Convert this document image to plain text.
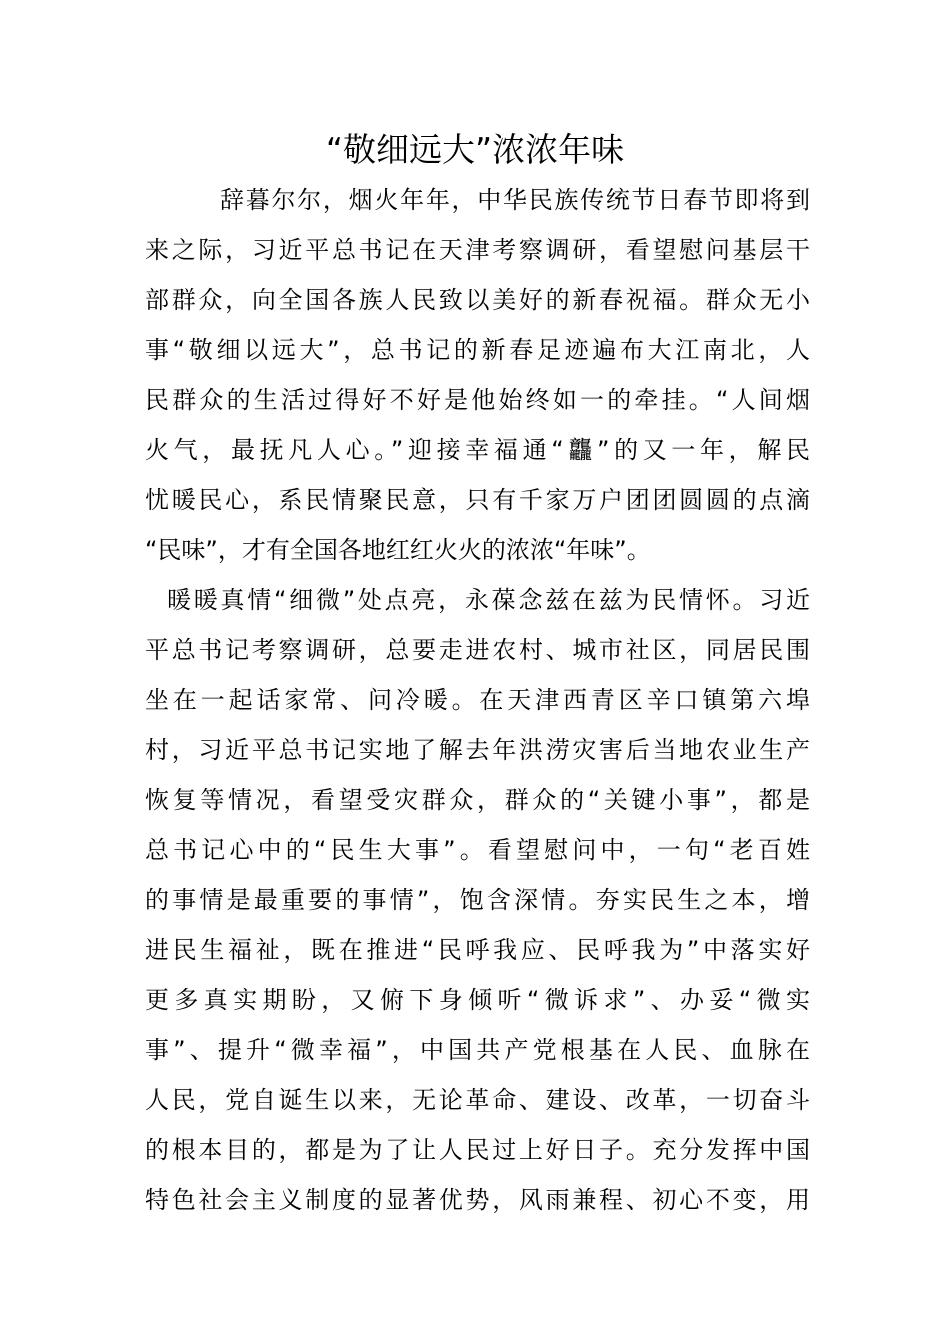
“敬细远大”浓浓年味
辞暮尔尔，烟火年年，中华民族传统节日春节即将到
来之际，习近平总书记在天津考察调研，看望慰问基层干
部群众，向全国各族人民致以美好的新春祝福。群众无小
事“敬细以远大”，总书记的新春足迹遍布大江南北，人
民群众的生活过得好不好是他始终如一的牵挂。“人间烟
火气，最抚凡人心。”迎接幸福通“龘”的又一年，解民
忧暖民心，系民情聚民意，只有千家万户团团圆圆的点滴
“民味”，才有全国各地红红火火的浓浓“年味”。
暖暖真情“细微”处点亮，永葆念兹在兹为民情怀。习近
平总书记考察调研，总要走进农村、城市社区，同居民围
坐在一起话家常、问冷暖。在天津西青区辛口镇第六埠
村，习近平总书记实地了解去年洪涝灾害后当地农业生产
恢复等情况，看望受灾群众，群众的“关键小事”，都是
总书记心中的“民生大事”。看望慰问中，一句“老百姓
的事情是最重要的事情”，饱含深情。夯实民生之本，增
进民生福祉，既在推进“民呼我应、民呼我为”中落实好
更多真实期盼，又俯下身倾听“微诉求”、办妥“微实
事”、提升“微幸福”，中国共产党根基在人民、血脉在
人民，党自诞生以来，无论革命、建设、改革，一切奋斗
的根本目的，都是为了让人民过上好日子。充分发挥中国
特色社会主义制度的显著优势，风雨兼程、初心不变，用
